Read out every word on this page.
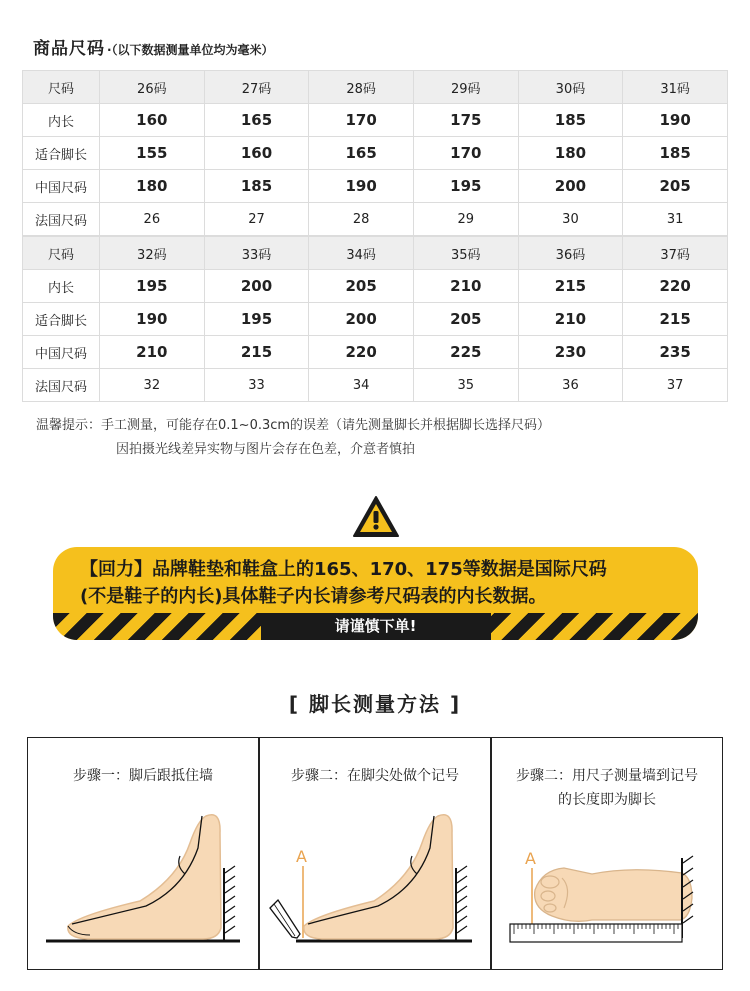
商品尺码 ·（以下数据测量单位均为毫米）
尺码	26码	27码	28码	29码	30码	31码
内长	160	165	170	175	185	190
适合脚长	155	160	165	170	180	185
中国尺码	180	185	190	195	200	205
法国尺码	26	27	28	29	30	31
尺码	32码	33码	34码	35码	36码	37码
内长	195	200	205	210	215	220
适合脚长	190	195	200	205	210	215
中国尺码	210	215	220	225	230	235
法国尺码	32	33	34	35	36	37
温馨提示：手工测量，可能存在0.1~0.3cm的误差（请先测量脚长并根据脚长选择尺码）
因拍摄光线差异实物与图片会存在色差，介意者慎拍
【回力】品牌鞋垫和鞋盒上的165、170、175等数据是国际尺码
(不是鞋子的内长)具体鞋子内长请参考尺码表的内长数据。
请谨慎下单!
[ 脚长测量方法 ]
步骤一：脚后跟抵住墙	步骤二：在脚尖处做个记号
A
步骤二：用尺子测量墙到记号
的长度即为脚长
A
